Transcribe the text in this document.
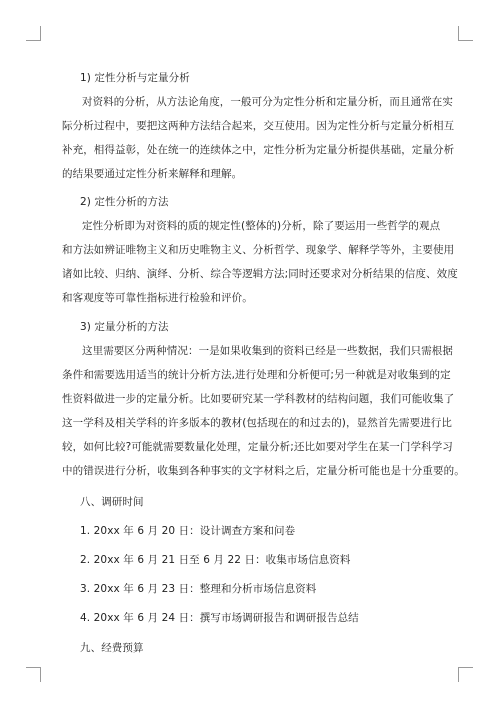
1) 定性分析与定量分析
对资料的分析，从方法论角度，一般可分为定性分析和定量分析，而且通常在实
际分析过程中，要把这两种方法结合起来，交互使用。因为定性分析与定量分析相互
补充，相得益彰，处在统一的连续体之中，定性分析为定量分析提供基础，定量分析
的结果要通过定性分析来解释和理解。
2) 定性分析的方法
定性分析即为对资料的质的规定性(整体的)分析，除了要运用一些哲学的观点
和方法如辨证唯物主义和历史唯物主义、分析哲学、现象学、解释学等外，主要使用
诸如比较、归纳、演绎、分析、综合等逻辑方法;同时还要求对分析结果的信度、效度
和客观度等可靠性指标进行检验和评价。
3) 定量分析的方法
这里需要区分两种情况：一是如果收集到的资料已经是一些数据，我们只需根据
条件和需要选用适当的统计分析方法,进行处理和分析便可;另一种就是对收集到的定
性资料做进一步的定量分析。比如要研究某一学科教材的结构问题，我们可能收集了
这一学科及相关学科的许多版本的教材(包括现在的和过去的)，显然首先需要进行比
较，如何比较?可能就需要数量化处理，定量分析;还比如要对学生在某一门学科学习
中的错误进行分析，收集到各种事实的文字材料之后，定量分析可能也是十分重要的。
八、调研时间
1. 20xx 年 6 月 20 日：设计调查方案和问卷
2. 20xx 年 6 月 21 日至 6 月 22 日：收集市场信息资料
3. 20xx 年 6 月 23 日：整理和分析市场信息资料
4. 20xx 年 6 月 24 日：撰写市场调研报告和调研报告总结
九、经费预算
